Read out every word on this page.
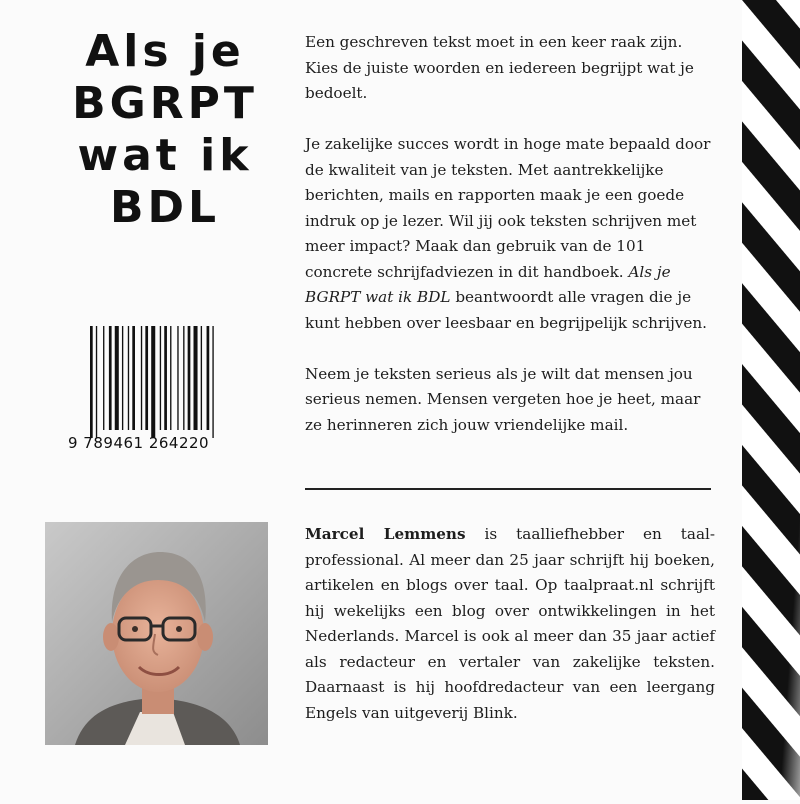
Als je
BGRPT
wat ik
BDL
9 789461 264220

Een geschreven tekst moet in een keer raak zijn. Kies de juiste woorden en iedereen begrijpt wat je bedoelt.

Je zakelijke succes wordt in hoge mate bepaald door de kwaliteit van je teksten. Met aantrekkelijke berichten, mails en rapporten maak je een goede indruk op je lezer. Wil jij ook teksten schrijven met meer impact? Maak dan gebruik van de 101 concrete schrijfadviezen in dit handboek. Als je BGRPT wat ik BDL beantwoordt alle vragen die je kunt hebben over leesbaar en begrijpelijk schrijven.

Neem je teksten serieus als je wilt dat mensen jou serieus nemen. Mensen vergeten hoe je heet, maar ze herinneren zich jouw vriendelijke mail.

Marcel Lemmens is taalliefhebber en taalprofessional. Al meer dan 25 jaar schrijft hij boeken, artikelen en blogs over taal. Op taalpraat.nl schrijft hij wekelijks een blog over ontwikkelingen in het Nederlands. Marcel is ook al meer dan 35 jaar actief als redacteur en vertaler van zakelijke teksten. Daarnaast is hij hoofdredacteur van een leergang Engels van uitgeverij Blink.
